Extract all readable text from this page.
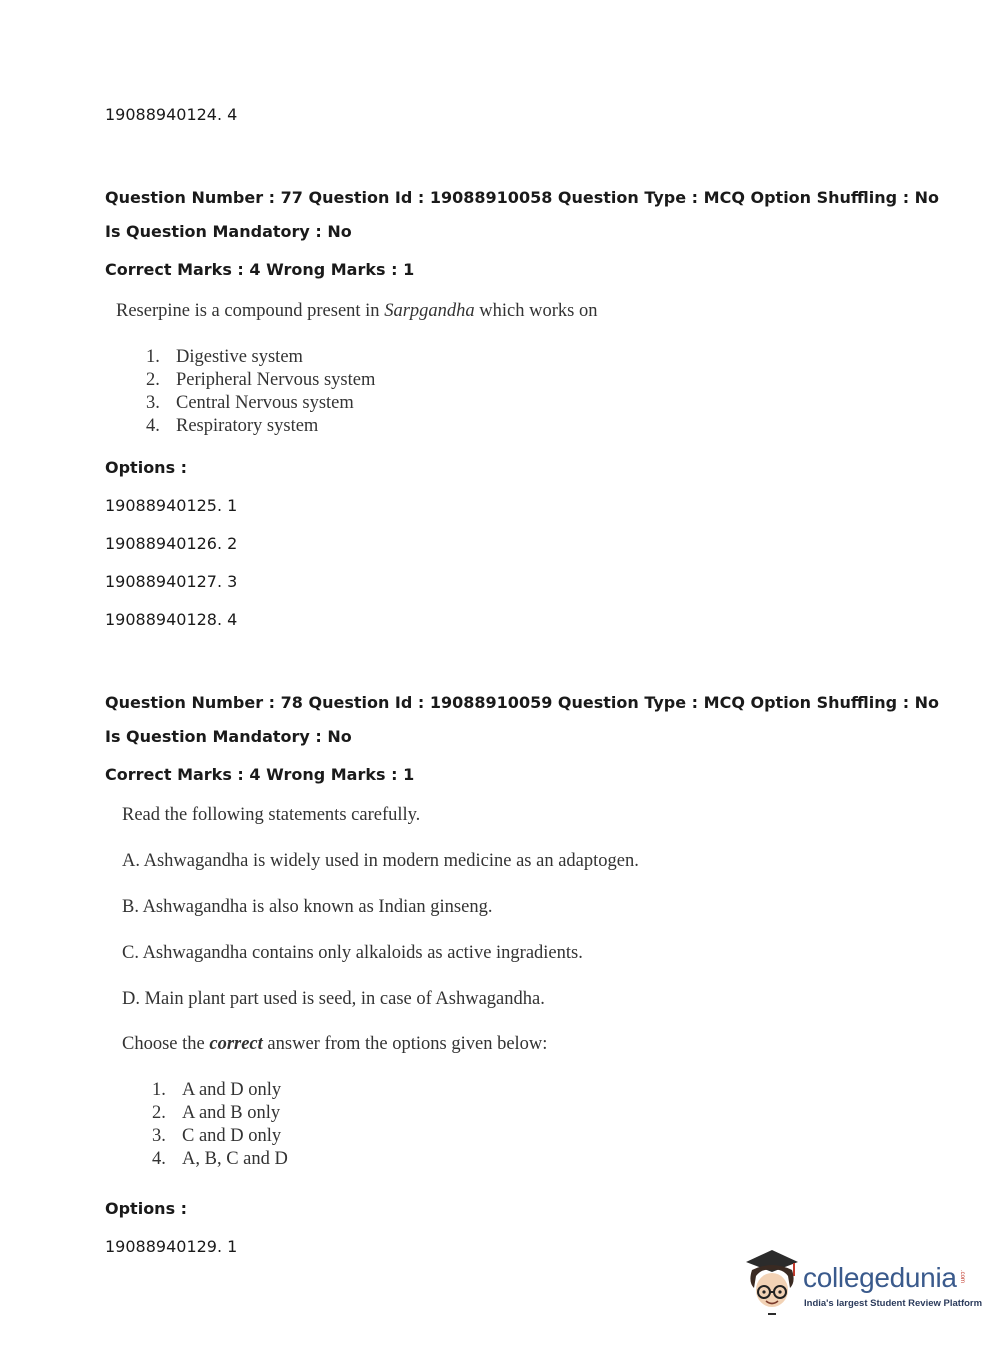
19088940124. 4
Question Number : 77 Question Id : 19088910058 Question Type : MCQ Option Shuffling : No
Is Question Mandatory : No
Correct Marks : 4 Wrong Marks : 1
Reserpine is a compound present in Sarpgandha which works on
1. Digestive system
2. Peripheral Nervous system
3. Central Nervous system
4. Respiratory system
Options :
19088940125. 1
19088940126. 2
19088940127. 3
19088940128. 4
Question Number : 78 Question Id : 19088910059 Question Type : MCQ Option Shuffling : No
Is Question Mandatory : No
Correct Marks : 4 Wrong Marks : 1
Read the following statements carefully.
A. Ashwagandha is widely used in modern medicine as an adaptogen.
B. Ashwagandha is also known as Indian ginseng.
C. Ashwagandha contains only alkaloids as active ingradients.
D. Main plant part used is seed, in case of Ashwagandha.
Choose the correct answer from the options given below:
1. A and D only
2. A and B only
3. C and D only
4. A, B, C and D
Options :
19088940129. 1
collegedunia .com
India's largest Student Review Platform
